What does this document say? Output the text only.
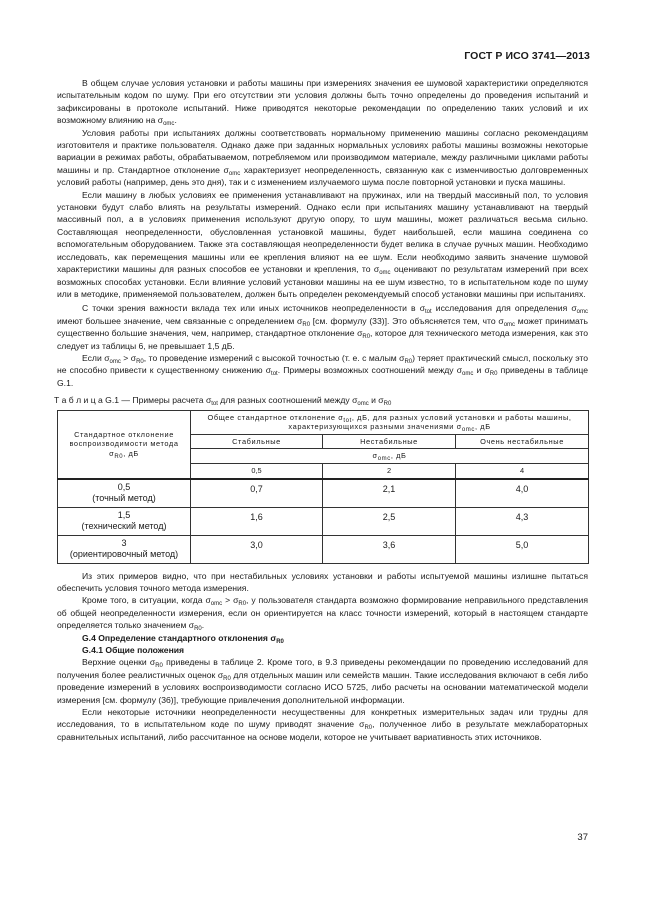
ГОСТ Р ИСО 3741—2013

В общем случае условия установки и работы машины при измерениях значения ее шумовой характеристики определяются испытательным кодом по шуму. При его отсутствии эти условия должны быть точно определены до проведения испытаний и зафиксированы в протоколе испытаний. Ниже приводятся некоторые рекомендации по определению таких условий и их возможному влиянию на $\sigma_{omc}$.

Условия работы при испытаниях должны соответствовать нормальному применению машины согласно рекомендациям изготовителя и практике пользователя. Однако даже при заданных нормальных условиях работы машины возможны некоторые вариации в режимах работы, обрабатываемом, потребляемом или производимом материале, между различными циклами работы машины и пр. Стандартное отклонение $\sigma_{omc}$ характеризует неопределенность, связанную как с изменчивостью долговременных условий работы (например, день это дня), так и с изменением излучаемого шума после повторной установки и пуска машины.

Если машину в любых условиях ее применения устанавливают на пружинах, или на твердый массивный пол, то условия установки будут слабо влиять на результаты измерений. Однако если при испытаниях машину устанавливают на твердый массивный пол, а в условиях применения используют другую опору, то шум машины, может различаться весьма сильно. Составляющая неопределенности, обусловленная установкой машины, будет наибольшей, если машина соединена со вспомогательным оборудованием. Также эта составляющая неопределенности будет велика в случае ручных машин. Необходимо исследовать, как перемещения машины или ее крепления влияют на ее шум. Если необходимо заявить значение шумовой характеристики машины для разных способов ее установки и крепления, то $\sigma_{omc}$ оценивают по результатам измерений при всех возможных способах установки. Если влияние условий установки машины на ее шум известно, то в испытательном коде по шуму или в методике, применяемой пользователем, должен быть определен рекомендуемый способ установки машины при испытаниях.

С точки зрения важности вклада тех или иных источников неопределенности в $\sigma_{tot}$ исследования для определения $\sigma_{omc}$ имеют большее значение, чем связанные с определением $\sigma_{R0}$ [см. формулу (33)]. Это объясняется тем, что $\sigma_{omc}$ может принимать существенно большие значения, чем, например, стандартное отклонение $\sigma_{R0}$, которое для технического метода измерения, как это следует из таблицы 6, не превышает 1,5 дБ.

Если $\sigma_{omc} > \sigma_{R0}$, то проведение измерений с высокой точностью (т. е. с малым $\sigma_{R0}$) теряет практический смысл, поскольку это не способно привести к существенному снижению $\sigma_{tot}$. Примеры возможных соотношений между $\sigma_{omc}$ и $\sigma_{R0}$ приведены в таблице G.1.

Т а б л и ц а G.1 — Примеры расчета $\sigma_{tot}$ для разных соотношений между $\sigma_{omc}$ и $\sigma_{R0}$
Стандартное отклонение воспроизводимости метода $\sigma_{R0}$, дБ	Общее стандартное отклонение $\sigma_{tot}$, дБ, для разных условий установки и работы машины, характеризующихся разными значениями $\sigma_{omc}$, дБ		
	Стабильные	Нестабильные	Очень нестабильные
	$\sigma_{omc}$, дБ		
	0,5	2	4
0,5
(точный метод)	0,7	2,1	4,0
1,5
(технический метод)	1,6	2,5	4,3
3
(ориентировочный метод)	3,0	3,6	5,0

Из этих примеров видно, что при нестабильных условиях установки и работы испытуемой машины излишне пытаться обеспечить условия точного метода измерения.

Кроме того, в ситуации, когда $\sigma_{omc} > \sigma_{R0}$, у пользователя стандарта возможно формирование неправильного представления об общей неопределенности измерения, если он ориентируется на класс точности измерений, который в настоящем стандарте определяется только значением $\sigma_{R0}$.

G.4 Определение стандартного отклонения $\sigma_{R0}$

G.4.1 Общие положения

Верхние оценки $\sigma_{R0}$ приведены в таблице 2. Кроме того, в 9.3 приведены рекомендации по проведению исследований для получения более реалистичных оценок $\sigma_{R0}$ для отдельных машин или семейств машин. Такие исследования включают в себя либо проведение измерений в условиях воспроизводимости согласно ИСО 5725, либо расчеты на основании математической модели измерения [см. формулу (36)], требующие привлечения дополнительной информации.

Если некоторые источники неопределенности несущественны для конкретных измерительных задач или трудны для исследования, то в испытательном коде по шуму приводят значение $\sigma_{R0}$, полученное либо в результате межлабораторных сравнительных испытаний, либо рассчитанное на основе модели, которое не учитывает вариативность этих источников.

37
